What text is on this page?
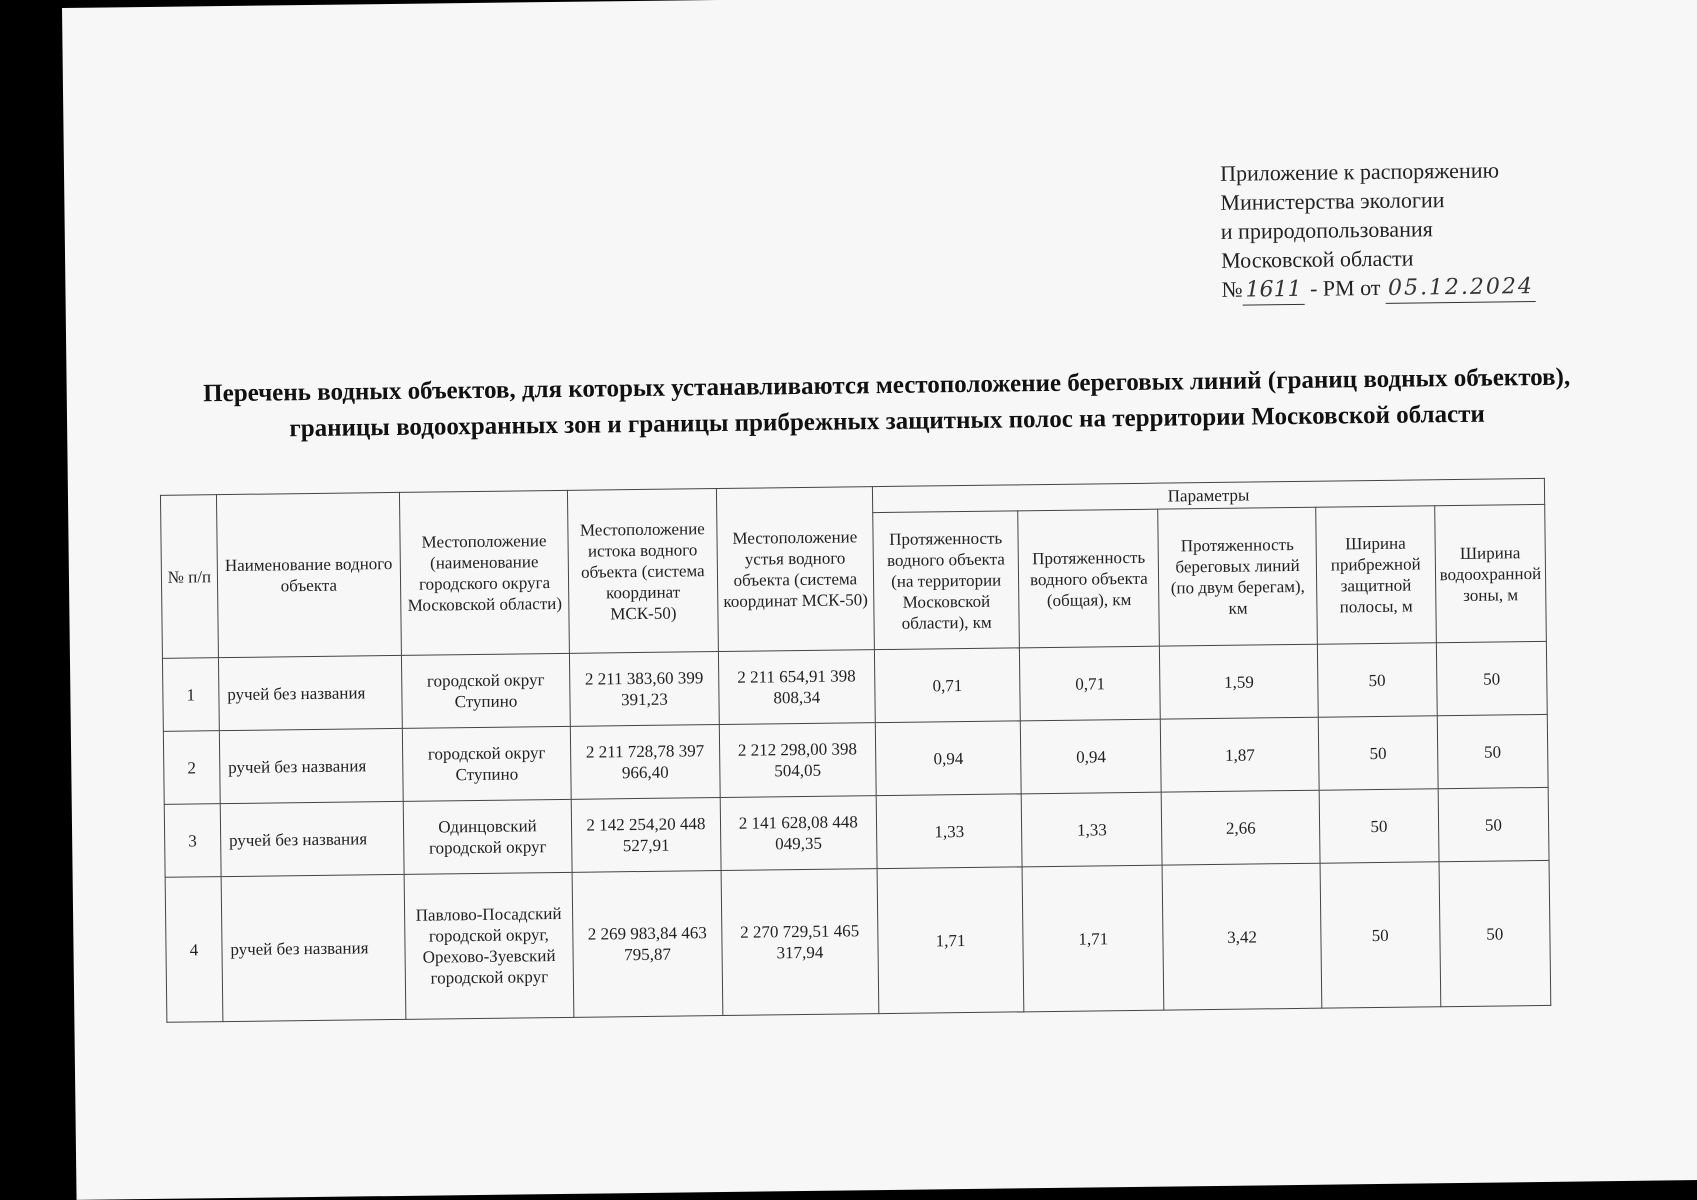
Приложение к распоряжению
Министерства экологии
и природопользования
Московской области
№ 1611 - РМ от 05.12.2024
Перечень водных объектов, для которых устанавливаются местоположение береговых линий (границ водных объектов), границы водоохранных зон и границы прибрежных защитных полос на территории Московской области
№ п/п	Наименование водного объекта	Местоположение (наименование городского округа Московской области)	Местоположение истока водного объекта (система координат МСК-50)	Местоположение устья водного объекта (система координат МСК-50)	Параметры				
					Протяженность водного объекта (на территории Московской области), км	Протяженность водного объекта (общая), км	Протяженность береговых линий (по двум берегам), км	Ширина прибрежной защитной полосы, м	Ширина водоохранной зоны, м
1	ручей без названия	городской округ Ступино	2 211 383,60 399 391,23	2 211 654,91 398 808,34	0,71	0,71	1,59	50	50
2	ручей без названия	городской округ Ступино	2 211 728,78 397 966,40	2 212 298,00 398 504,05	0,94	0,94	1,87	50	50
3	ручей без названия	Одинцовский городской округ	2 142 254,20 448 527,91	2 141 628,08 448 049,35	1,33	1,33	2,66	50	50
4	ручей без названия	Павлово-Посадский городской округ, Орехово-Зуевский городской округ	2 269 983,84 463 795,87	2 270 729,51 465 317,94	1,71	1,71	3,42	50	50
